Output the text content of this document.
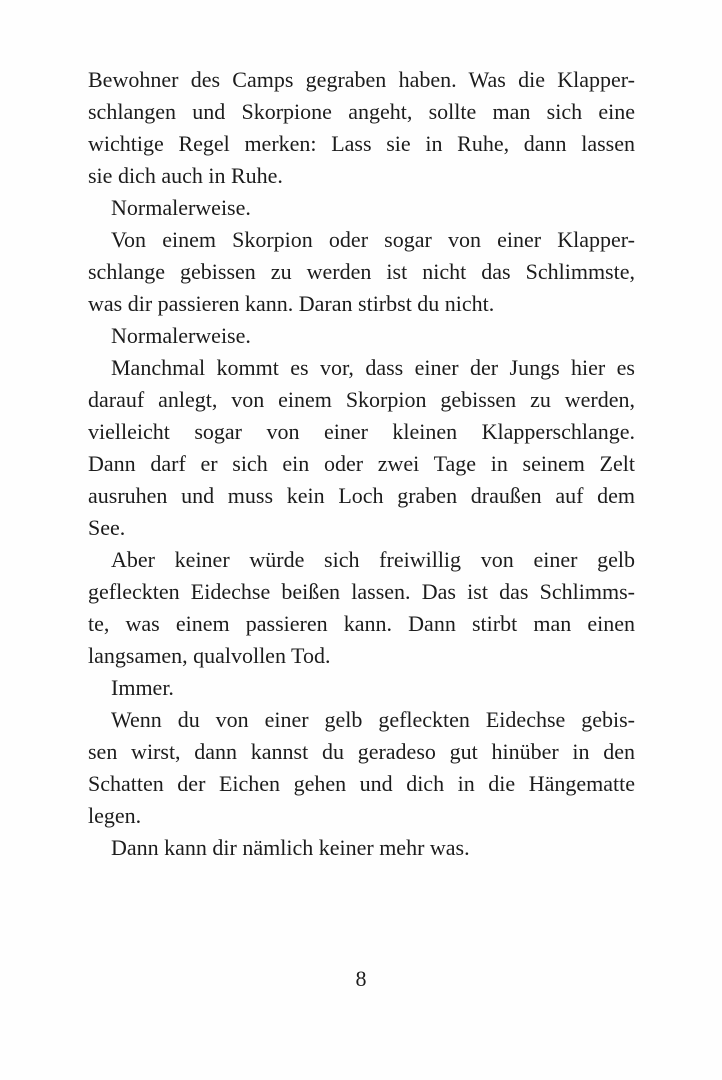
Bewohner des Camps gegraben haben. Was die Klapper-
schlangen und Skorpione angeht, sollte man sich eine
wichtige Regel merken: Lass sie in Ruhe, dann lassen
sie dich auch in Ruhe.
Normalerweise.
Von einem Skorpion oder sogar von einer Klapper-
schlange gebissen zu werden ist nicht das Schlimmste,
was dir passieren kann. Daran stirbst du nicht.
Normalerweise.
Manchmal kommt es vor, dass einer der Jungs hier es
darauf anlegt, von einem Skorpion gebissen zu werden,
vielleicht sogar von einer kleinen Klapperschlange.
Dann darf er sich ein oder zwei Tage in seinem Zelt
ausruhen und muss kein Loch graben draußen auf dem
See.
Aber keiner würde sich freiwillig von einer gelb
gefleckten Eidechse beißen lassen. Das ist das Schlimms-
te, was einem passieren kann. Dann stirbt man einen
langsamen, qualvollen Tod.
Immer.
Wenn du von einer gelb gefleckten Eidechse gebis-
sen wirst, dann kannst du geradeso gut hinüber in den
Schatten der Eichen gehen und dich in die Hängematte
legen.
Dann kann dir nämlich keiner mehr was.
8
